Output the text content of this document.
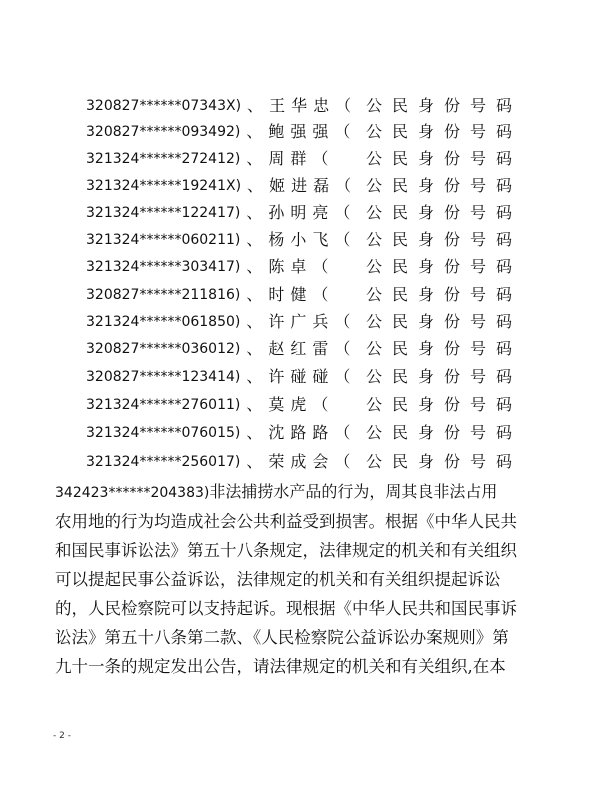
320827******07343X) 、 王华忠 （ 公民身份号码
320827******093492) 、 鲍强强 （ 公民身份号码
321324******272412) 、 周群 （	公民身份号码
321324******19241X) 、 姬进磊 （ 公民身份号码
321324******122417) 、 孙明亮 （ 公民身份号码
321324******060211) 、 杨小飞 （ 公民身份号码
321324******303417) 、 陈卓 （	公民身份号码
320827******211816) 、 时健 （	公民身份号码
321324******061850) 、 许广兵 （ 公民身份号码
320827******036012) 、 赵红雷 （ 公民身份号码
320827******123414) 、 许碰碰 （ 公民身份号码
321324******276011) 、 莫虎 （	公民身份号码
321324******076015) 、 沈路路 （ 公民身份号码
321324******256017) 、 荣成会 （ 公民身份号码
342423******204383)非法捕捞水产品的行为，周其良非法占用
农用地的行为均造成社会公共利益受到损害。根据《中华人民共
和国民事诉讼法》第五十八条规定，法律规定的机关和有关组织
可以提起民事公益诉讼，法律规定的机关和有关组织提起诉讼
的，人民检察院可以支持起诉。现根据《中华人民共和国民事诉
讼法》第五十八条第二款、《人民检察院公益诉讼办案规则》第
九十一条的规定发出公告，请法律规定的机关和有关组织,在本
- 2 -
